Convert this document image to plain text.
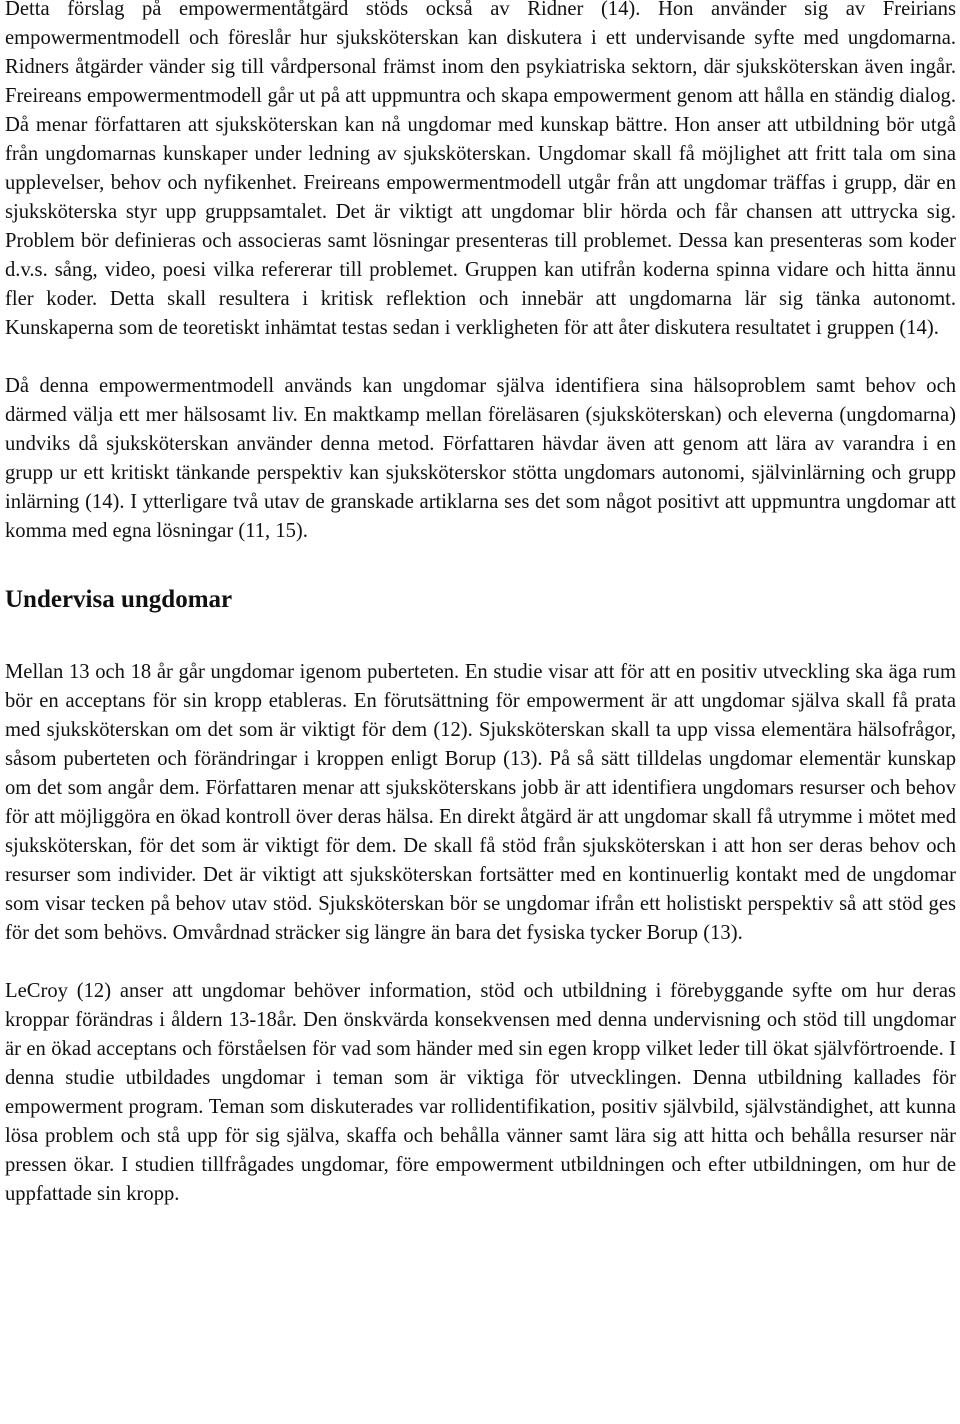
Detta förslag på empowermentåtgärd stöds också av Ridner (14). Hon använder sig av Freirians empowermentmodell och föreslår hur sjuksköterskan kan diskutera i ett undervisande syfte med ungdomarna. Ridners åtgärder vänder sig till vårdpersonal främst inom den psykiatriska sektorn, där sjuksköterskan även ingår. Freireans empowermentmodell går ut på att uppmuntra och skapa empowerment genom att hålla en ständig dialog. Då menar författaren att sjuksköterskan kan nå ungdomar med kunskap bättre. Hon anser att utbildning bör utgå från ungdomarnas kunskaper under ledning av sjuksköterskan. Ungdomar skall få möjlighet att fritt tala om sina upplevelser, behov och nyfikenhet. Freireans empowermentmodell utgår från att ungdomar träffas i grupp, där en sjuksköterska styr upp gruppsamtalet. Det är viktigt att ungdomar blir hörda och får chansen att uttrycka sig. Problem bör definieras och associeras samt lösningar presenteras till problemet. Dessa kan presenteras som koder d.v.s. sång, video, poesi vilka refererar till problemet. Gruppen kan utifrån koderna spinna vidare och hitta ännu fler koder. Detta skall resultera i kritisk reflektion och innebär att ungdomarna lär sig tänka autonomt. Kunskaperna som de teoretiskt inhämtat testas sedan i verkligheten för att åter diskutera resultatet i gruppen (14).

Då denna empowermentmodell används kan ungdomar själva identifiera sina hälsoproblem samt behov och därmed välja ett mer hälsosamt liv. En maktkamp mellan föreläsaren (sjuksköterskan) och eleverna (ungdomarna) undviks då sjuksköterskan använder denna metod. Författaren hävdar även att genom att lära av varandra i en grupp ur ett kritiskt tänkande perspektiv kan sjuksköterskor stötta ungdomars autonomi, självinlärning och grupp inlärning (14). I ytterligare två utav de granskade artiklarna ses det som något positivt att uppmuntra ungdomar att komma med egna lösningar (11, 15).

Undervisa ungdomar

Mellan 13 och 18 år går ungdomar igenom puberteten. En studie visar att för att en positiv utveckling ska äga rum bör en acceptans för sin kropp etableras. En förutsättning för empowerment är att ungdomar själva skall få prata med sjuksköterskan om det som är viktigt för dem (12). Sjuksköterskan skall ta upp vissa elementära hälsofrågor, såsom puberteten och förändringar i kroppen enligt Borup (13). På så sätt tilldelas ungdomar elementär kunskap om det som angår dem. Författaren menar att sjuksköterskans jobb är att identifiera ungdomars resurser och behov för att möjliggöra en ökad kontroll över deras hälsa. En direkt åtgärd är att ungdomar skall få utrymme i mötet med sjuksköterskan, för det som är viktigt för dem. De skall få stöd från sjuksköterskan i att hon ser deras behov och resurser som individer. Det är viktigt att sjuksköterskan fortsätter med en kontinuerlig kontakt med de ungdomar som visar tecken på behov utav stöd. Sjuksköterskan bör se ungdomar ifrån ett holistiskt perspektiv så att stöd ges för det som behövs. Omvårdnad sträcker sig längre än bara det fysiska tycker Borup (13).

LeCroy (12) anser att ungdomar behöver information, stöd och utbildning i förebyggande syfte om hur deras kroppar förändras i åldern 13-18år. Den önskvärda konsekvensen med denna undervisning och stöd till ungdomar är en ökad acceptans och förståelsen för vad som händer med sin egen kropp vilket leder till ökat självförtroende. I denna studie utbildades ungdomar i teman som är viktiga för utvecklingen. Denna utbildning kallades för empowerment program. Teman som diskuterades var rollidentifikation, positiv självbild, självständighet, att kunna lösa problem och stå upp för sig själva, skaffa och behålla vänner samt lära sig att hitta och behålla resurser när pressen ökar. I studien tillfrågades ungdomar, före empowerment utbildningen och efter utbildningen, om hur de uppfattade sin kropp.
